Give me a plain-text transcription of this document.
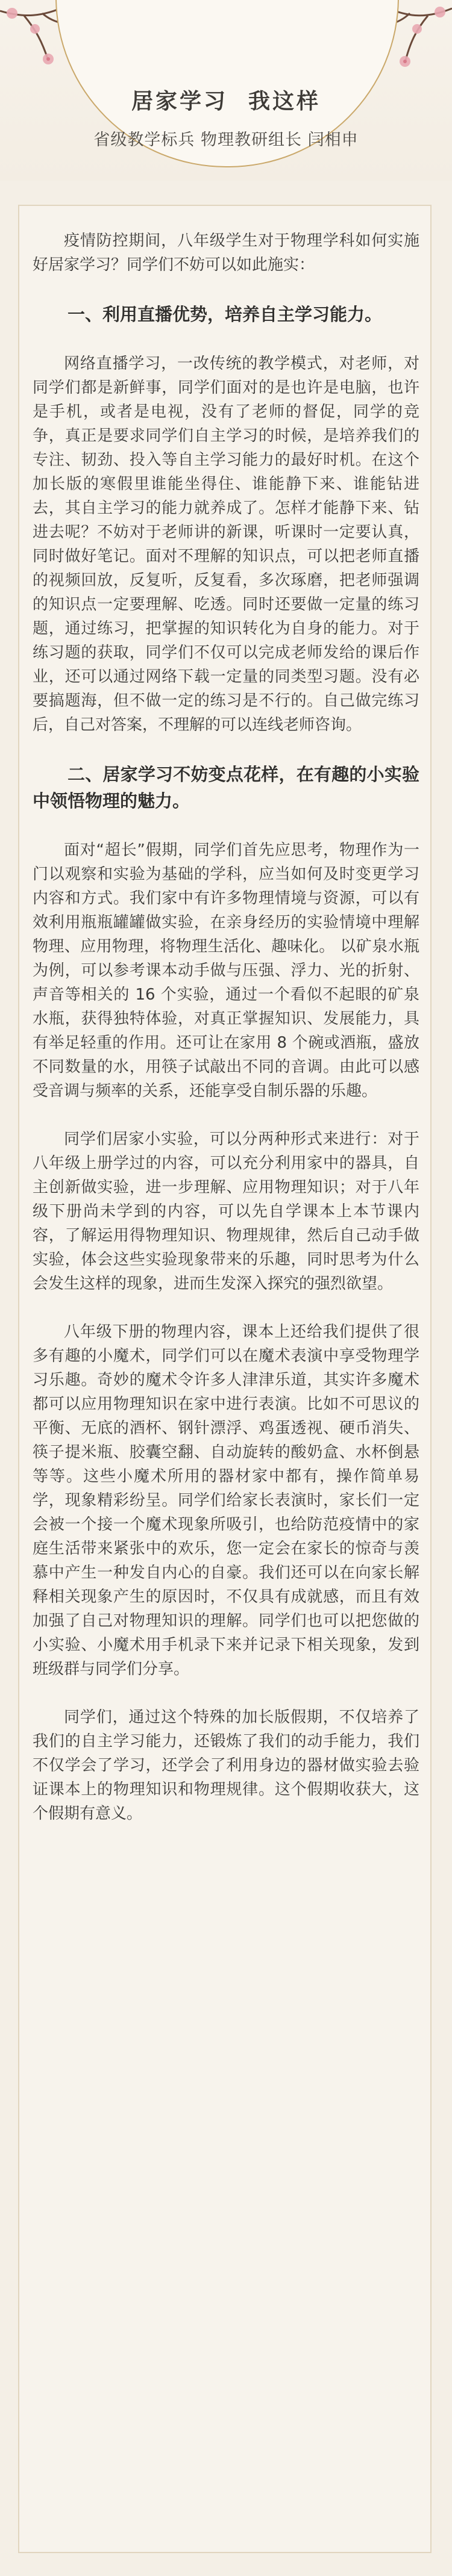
居家学习 我这样
省级教学标兵 物理教研组长 闫相申

疫情防控期间，八年级学生对于物理学科如何实施好居家学习？同学们不妨可以如此施实：

一、利用直播优势，培养自主学习能力。

网络直播学习，一改传统的教学模式，对老师，对同学们都是新鲜事，同学们面对的是也许是电脑，也许是手机，或者是电视，没有了老师的督促，同学的竞争，真正是要求同学们自主学习的时候，是培养我们的专注、韧劲、投入等自主学习能力的最好时机。在这个加长版的寒假里谁能坐得住、谁能静下来、谁能钻进去，其自主学习的能力就养成了。怎样才能静下来、钻进去呢？不妨对于老师讲的新课，听课时一定要认真，同时做好笔记。面对不理解的知识点，可以把老师直播的视频回放，反复听，反复看，多次琢磨，把老师强调的知识点一定要理解、吃透。同时还要做一定量的练习题，通过练习，把掌握的知识转化为自身的能力。对于练习题的获取，同学们不仅可以完成老师发给的课后作业，还可以通过网络下载一定量的同类型习题。没有必要搞题海，但不做一定的练习是不行的。自己做完练习后，自己对答案，不理解的可以连线老师咨询。

二、居家学习不妨变点花样，在有趣的小实验中领悟物理的魅力。

面对“超长”假期，同学们首先应思考，物理作为一门以观察和实验为基础的学科，应当如何及时变更学习内容和方式。我们家中有许多物理情境与资源，可以有效利用瓶瓶罐罐做实验，在亲身经历的实验情境中理解物理、应用物理，将物理生活化、趣味化。 以矿泉水瓶为例，可以参考课本动手做与压强、浮力、光的折射、声音等相关的 16 个实验，通过一个看似不起眼的矿泉水瓶，获得独特体验，对真正掌握知识、发展能力，具有举足轻重的作用。还可让在家用 8 个碗或酒瓶，盛放不同数量的水，用筷子试敲出不同的音调。由此可以感受音调与频率的关系，还能享受自制乐器的乐趣。

同学们居家小实验，可以分两种形式来进行：对于八年级上册学过的内容，可以充分利用家中的器具，自主创新做实验，进一步理解、应用物理知识；对于八年级下册尚未学到的内容，可以先自学课本上本节课内容，了解运用得物理知识、物理规律，然后自己动手做实验，体会这些实验现象带来的乐趣，同时思考为什么会发生这样的现象，进而生发深入探究的强烈欲望。

八年级下册的物理内容，课本上还给我们提供了很多有趣的小魔术，同学们可以在魔术表演中享受物理学习乐趣。奇妙的魔术令许多人津津乐道，其实许多魔术都可以应用物理知识在家中进行表演。比如不可思议的平衡、无底的酒杯、钢针漂浮、鸡蛋透视、硬币消失、筷子提米瓶、胶囊空翻、自动旋转的酸奶盒、水杯倒悬等等。这些小魔术所用的器材家中都有，操作简单易学，现象精彩纷呈。同学们给家长表演时，家长们一定会被一个接一个魔术现象所吸引，也给防范疫情中的家庭生活带来紧张中的欢乐，您一定会在家长的惊奇与羡慕中产生一种发自内心的自豪。我们还可以在向家长解释相关现象产生的原因时，不仅具有成就感，而且有效加强了自己对物理知识的理解。同学们也可以把您做的小实验、小魔术用手机录下来并记录下相关现象，发到班级群与同学们分享。

同学们，通过这个特殊的加长版假期，不仅培养了我们的自主学习能力，还锻炼了我们的动手能力，我们不仅学会了学习，还学会了利用身边的器材做实验去验证课本上的物理知识和物理规律。这个假期收获大，这个假期有意义。
